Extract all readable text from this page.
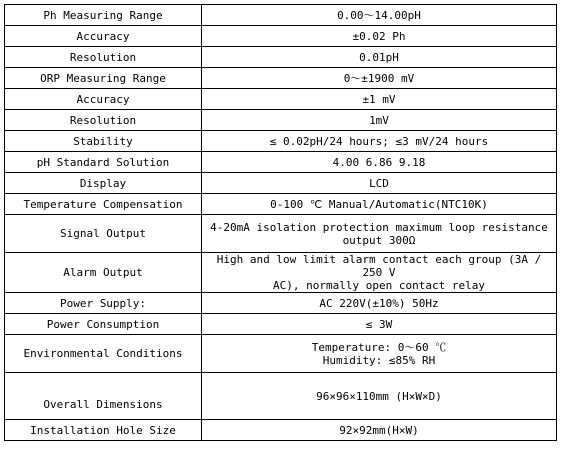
Ph Measuring Range	0.00～14.00pH
Accuracy	±0.02 Ph
Resolution	0.01pH
ORP Measuring Range	0～±1900 mV
Accuracy	±1 mV
Resolution	1mV
Stability	≤ 0.02pH/24 hours; ≤3 mV/24 hours
pH Standard Solution	4.00 6.86 9.18
Display	LCD
Temperature Compensation	0-100 ℃ Manual/Automatic(NTC10K)
Signal Output	4-20mA isolation protection maximum loop resistance
output 300Ω

Alarm Output	High and low limit alarm contact each group (3A / 250 V
AC), normally open contact relay

Power Supply:	AC 220V(±10%) 50Hz
Power Consumption	≤ 3W
Environmental Conditions	Temperature: 0～60 ℃
Humidity: ≤85% RH

Overall Dimensions	96×96×110mm (H×W×D)
Installation Hole Size	92×92mm(H×W)
